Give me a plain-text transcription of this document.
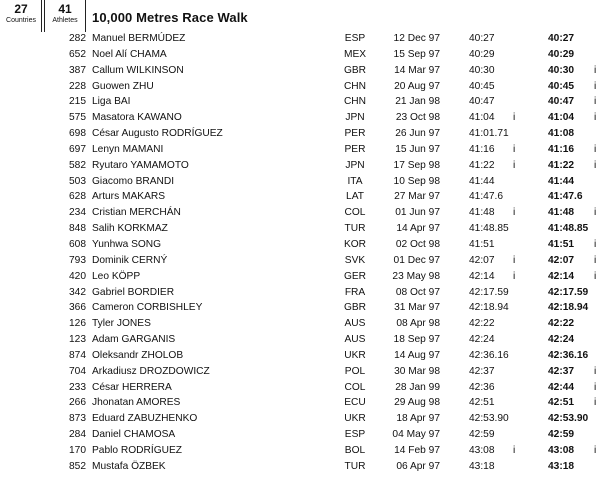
27
Countries
41
Athletes	10,000 Metres Race Walk
282 Manuel BERMÚDEZ	ESP	12 Dec 97	40:27	40:27
652 Noel Alí CHAMA	MEX	15 Sep 97	40:29	40:29
387 Callum WILKINSON	GBR	14 Mar 97	40:30	40:30 i
228 Guowen ZHU	CHN	20 Aug 97	40:45	40:45 i
215 Liga BAI	CHN	21 Jan 98	40:47	40:47 i
575 Masatora KAWANO	JPN	23 Oct 98	41:04 i	41:04 i
698 César Augusto RODRÍGUEZ	PER	26 Jun 97	41:01.71	41:08
697 Lenyn MAMANI	PER	15 Jun 97	41:16 i	41:16 i
582 Ryutaro YAMAMOTO	JPN	17 Sep 98	41:22 i	41:22 i
503 Giacomo BRANDI	ITA	10 Sep 98	41:44	41:44
628 Arturs MAKARS	LAT	27 Mar 97	41:47.6	41:47.6
234 Cristian MERCHÁN	COL	01 Jun 97	41:48 i	41:48 i
848 Salih KORKMAZ	TUR	14 Apr 97	41:48.85	41:48.85
608 Yunhwa SONG	KOR	02 Oct 98	41:51	41:51 i
793 Dominik CERNÝ	SVK	01 Dec 97	42:07 i	42:07 i
420 Leo KÖPP	GER	23 May 98	42:14 i	42:14 i
342 Gabriel BORDIER	FRA	08 Oct 97	42:17.59	42:17.59
366 Cameron CORBISHLEY	GBR	31 Mar 97	42:18.94	42:18.94
126 Tyler JONES	AUS	08 Apr 98	42:22	42:22
123 Adam GARGANIS	AUS	18 Sep 97	42:24	42:24
874 Oleksandr ZHOLOB	UKR	14 Aug 97	42:36.16	42:36.16
704 Arkadiusz DROZDOWICZ	POL	30 Mar 98	42:37	42:37 i
233 César HERRERA	COL	28 Jan 99	42:36	42:44 i
266 Jhonatan AMORES	ECU	29 Aug 98	42:51	42:51 i
873 Eduard ZABUZHENKO	UKR	18 Apr 97	42:53.90	42:53.90
284 Daniel CHAMOSA	ESP	04 May 97	42:59	42:59
170 Pablo RODRÍGUEZ	BOL	14 Feb 97	43:08 i	43:08 i
852 Mustafa ÖZBEK	TUR	06 Apr 97	43:18	43:18
